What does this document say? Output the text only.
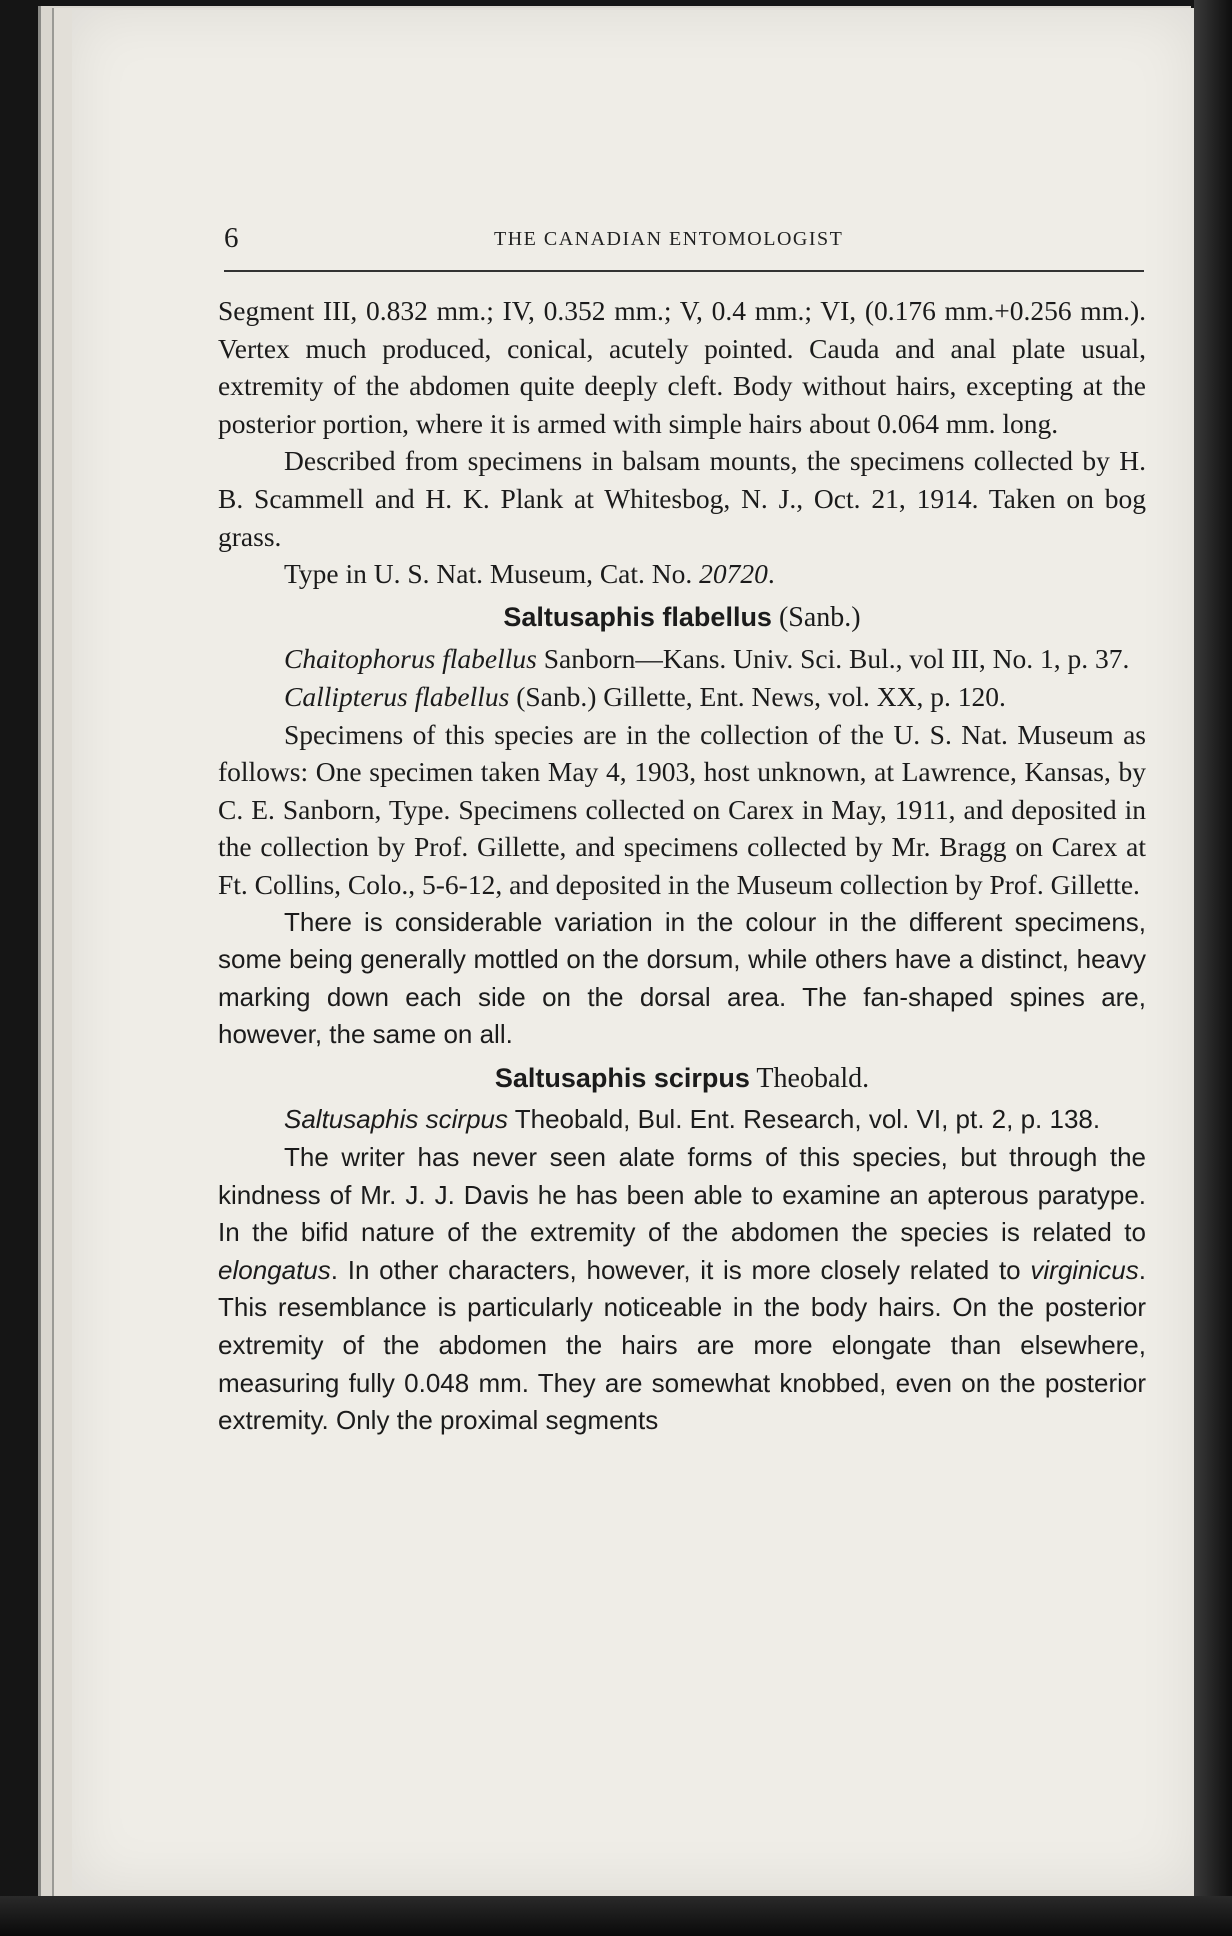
6	THE CANADIAN ENTOMOLOGIST

Segment III, 0.832 mm.; IV, 0.352 mm.; V, 0.4 mm.; VI, (0.176 mm.+0.256 mm.). Vertex much produced, conical, acutely pointed. Cauda and anal plate usual, extremity of the abdomen quite deeply cleft. Body without hairs, excepting at the posterior portion, where it is armed with simple hairs about 0.064 mm. long.

Described from specimens in balsam mounts, the specimens collected by H. B. Scammell and H. K. Plank at Whitesbog, N. J., Oct. 21, 1914. Taken on bog grass.

Type in U. S. Nat. Museum, Cat. No. 20720.

Saltusaphis flabellus (Sanb.)

Chaitophorus flabellus Sanborn—Kans. Univ. Sci. Bul., vol III, No. 1, p. 37.

Callipterus flabellus (Sanb.) Gillette, Ent. News, vol. XX, p. 120.

Specimens of this species are in the collection of the U. S. Nat. Museum as follows: One specimen taken May 4, 1903, host unknown, at Lawrence, Kansas, by C. E. Sanborn, Type. Specimens collected on Carex in May, 1911, and deposited in the collection by Prof. Gillette, and specimens collected by Mr. Bragg on Carex at Ft. Collins, Colo., 5-6-12, and deposited in the Museum collection by Prof. Gillette.

There is considerable variation in the colour in the different specimens, some being generally mottled on the dorsum, while others have a distinct, heavy marking down each side on the dorsal area. The fan-shaped spines are, however, the same on all.

Saltusaphis scirpus Theobald.

Saltusaphis scirpus Theobald, Bul. Ent. Research, vol. VI, pt. 2, p. 138.

The writer has never seen alate forms of this species, but through the kindness of Mr. J. J. Davis he has been able to examine an apterous paratype. In the bifid nature of the extremity of the abdomen the species is related to elongatus. In other characters, however, it is more closely related to virginicus. This resemblance is particularly noticeable in the body hairs. On the posterior extremity of the abdomen the hairs are more elongate than elsewhere, measuring fully 0.048 mm. They are somewhat knobbed, even on the posterior extremity. Only the proximal segments
